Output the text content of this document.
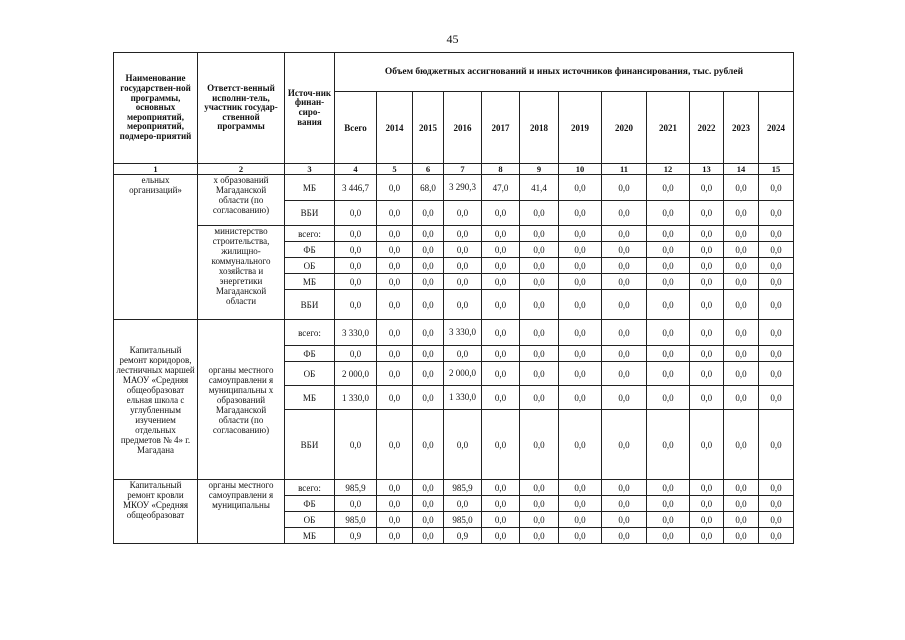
45
Наименование государствен-ной программы, основных мероприятий, мероприятий, подмеро-приятий	Ответст-венный исполни-тель, участник государ-ственной программы	Источ-ник финан-сиро-вания	Объем бюджетных ассигнований и иных источников финансирования, тыс. рублей											
			Всего	2014	2015	2016	2017	2018	2019	2020	2021	2022	2023	2024
1	2	3	4	5	6	7	8	9	10	11	12	13	14	15
ельных организаций»	х образований Магаданской области (по согласованию)	МБ	3 446,7	0,0	68,0	3 290,3	47,0	41,4	0,0	0,0	0,0	0,0	0,0	0,0
		ВБИ	0,0	0,0	0,0	0,0	0,0	0,0	0,0	0,0	0,0	0,0	0,0	0,0
	министерство строительства, жилищно-коммунального хозяйства и энергетики Магаданской области	всего:	0,0	0,0	0,0	0,0	0,0	0,0	0,0	0,0	0,0	0,0	0,0	0,0
		ФБ	0,0	0,0	0,0	0,0	0,0	0,0	0,0	0,0	0,0	0,0	0,0	0,0
		ОБ	0,0	0,0	0,0	0,0	0,0	0,0	0,0	0,0	0,0	0,0	0,0	0,0
		МБ	0,0	0,0	0,0	0,0	0,0	0,0	0,0	0,0	0,0	0,0	0,0	0,0
		ВБИ	0,0	0,0	0,0	0,0	0,0	0,0	0,0	0,0	0,0	0,0	0,0	0,0
Капитальный ремонт коридоров, лестничных маршей МАОУ «Средняя общеобразоват ельная школа с углубленным изучением отдельных предметов № 4» г. Магадана	органы местного самоуправлени я муниципальны х образований Магаданской области (по согласованию)	всего:	3 330,0	0,0	0,0	3 330,0	0,0	0,0	0,0	0,0	0,0	0,0	0,0	0,0
		ФБ	0,0	0,0	0,0	0,0	0,0	0,0	0,0	0,0	0,0	0,0	0,0	0,0
		ОБ	2 000,0	0,0	0,0	2 000,0	0,0	0,0	0,0	0,0	0,0	0,0	0,0	0,0
		МБ	1 330,0	0,0	0,0	1 330,0	0,0	0,0	0,0	0,0	0,0	0,0	0,0	0,0
		ВБИ	0,0	0,0	0,0	0,0	0,0	0,0	0,0	0,0	0,0	0,0	0,0	0,0
Капитальный ремонт кровли МКОУ «Средняя общеобразоват	органы местного самоуправлени я муниципальны	всего:	985,9	0,0	0,0	985,9	0,0	0,0	0,0	0,0	0,0	0,0	0,0	0,0
		ФБ	0,0	0,0	0,0	0,0	0,0	0,0	0,0	0,0	0,0	0,0	0,0	0,0
		ОБ	985,0	0,0	0,0	985,0	0,0	0,0	0,0	0,0	0,0	0,0	0,0	0,0
		МБ	0,9	0,0	0,0	0,9	0,0	0,0	0,0	0,0	0,0	0,0	0,0	0,0
